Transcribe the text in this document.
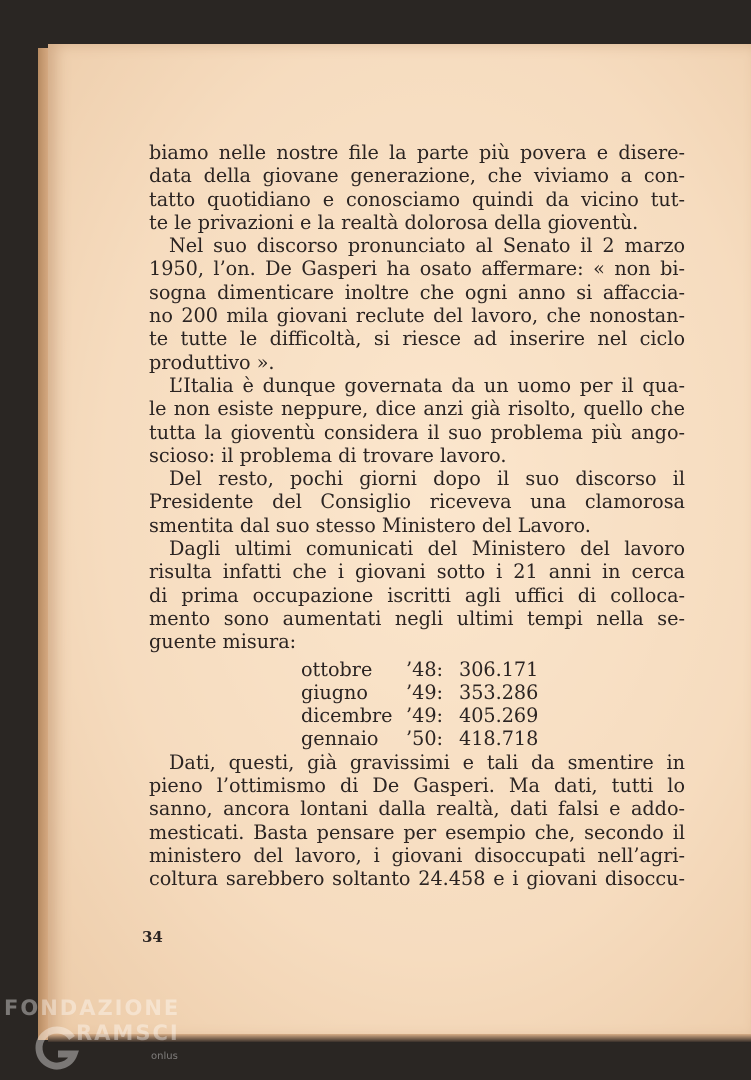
biamo nelle nostre file la parte più povera e disere-
data della giovane generazione, che viviamo a con-
tatto quotidiano e conosciamo quindi da vicino tut-
te le privazioni e la realtà dolorosa della gioventù.

Nel suo discorso pronunciato al Senato il 2 marzo
1950, l’on. De Gasperi ha osato affermare: « non bi-
sogna dimenticare inoltre che ogni anno si affaccia-
no 200 mila giovani reclute del lavoro, che nonostan-
te tutte le difficoltà, si riesce ad inserire nel ciclo
produttivo ».

L’Italia è dunque governata da un uomo per il qua-
le non esiste neppure, dice anzi già risolto, quello che
tutta la gioventù considera il suo problema più ango-
scioso: il problema di trovare lavoro.

Del resto, pochi giorni dopo il suo discorso il
Presidente del Consiglio riceveva una clamorosa
smentita dal suo stesso Ministero del Lavoro.

Dagli ultimi comunicati del Ministero del lavoro
risulta infatti che i giovani sotto i 21 anni in cerca
di prima occupazione iscritti agli uffici di colloca-
mento sono aumentati negli ultimi tempi nella se-
guente misura:

ottobre	’48:	306.171
giugno	’49:	353.286
dicembre	’49:	405.269
gennaio	’50:	418.718

Dati, questi, già gravissimi e tali da smentire in
pieno l’ottimismo di De Gasperi. Ma dati, tutti lo
sanno, ancora lontani dalla realtà, dati falsi e addo-
mesticati. Basta pensare per esempio che, secondo il
ministero del lavoro, i giovani disoccupati nell’agri-
coltura sarebbero soltanto 24.458 e i giovani disoccu-

34
FONDAZIONE
RAMSCI
onlus
